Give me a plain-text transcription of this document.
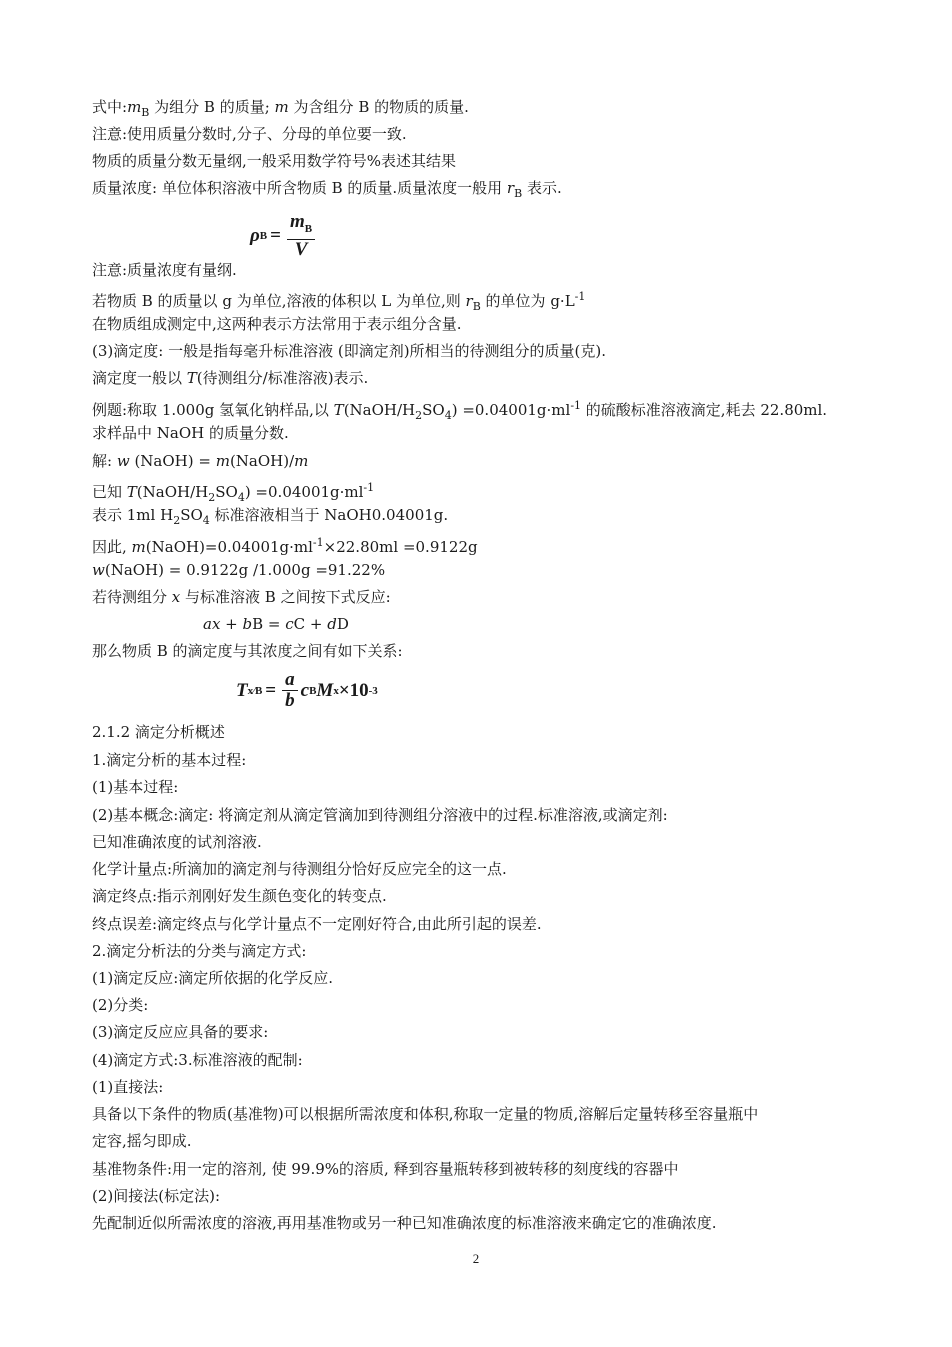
式中$:m_B$ 为组分 B 的质量; m 为含组分 B 的物质的质量.
注意:使用质量分数时,分子、分母的单位要一致.
物质的质量分数无量纲,一般采用数学符号%表述其结果
质量浓度: 单位体积溶液中所含物质 B 的质量.质量浓度一般用 $r_B$ 表示.
ρ $B = \frac{m_B}{V}$
注意:质量浓度有量纲.
若物质 B 的质量以 g 为单位,溶液的体积以 L 为单位,则 $r_B$ 的单位为 $g\cdot L^{-1}$
在物质组成测定中,这两种表示方法常用于表示组分含量.
(3)滴定度: 一般是指每毫升标准溶液 (即滴定剂)所相当的待测组分的质量(克).
滴定度一般以 T(待测组分/标准溶液)表示.
例题:称取 1.000g 氢氧化钠样品,以 $T(NaOH/H_2SO_4) =0.04001g\cdot ml^{-1}$ 的硫酸标准溶液滴定,耗去 22.80ml.
求样品中 NaOH 的质量分数.
解: w (NaOH) = m(NaOH)/m
已知 $T(NaOH/H_2SO_4) =0.04001g\cdot ml^{-1}$
表示 1ml $H_2SO_4$ 标准溶液相当于 NaOH0.04001g.
因此, $m(NaOH)=0.04001g\cdot ml^{-1}\times 22.80ml =0.9122g$
w(NaOH) = 0.9122g /1.000g =91.22%
若待测组分 x 与标准溶液 B 之间按下式反应:
ax + bB = cC + dD
那么物质 B 的滴定度与其浓度之间有如下关系:
T x⁄B = $\frac{a}{b}$ c B M x ×10 -3
2.1.2 滴定分析概述
1.滴定分析的基本过程:
(1)基本过程:
(2)基本概念:滴定: 将滴定剂从滴定管滴加到待测组分溶液中的过程.标准溶液,或滴定剂:
已知准确浓度的试剂溶液.
化学计量点:所滴加的滴定剂与待测组分恰好反应完全的这一点.
滴定终点:指示剂刚好发生颜色变化的转变点.
终点误差:滴定终点与化学计量点不一定刚好符合,由此所引起的误差.
2.滴定分析法的分类与滴定方式:
(1)滴定反应:滴定所依据的化学反应.
(2)分类:
(3)滴定反应应具备的要求:
(4)滴定方式:3.标准溶液的配制:
(1)直接法:
具备以下条件的物质(基准物)可以根据所需浓度和体积,称取一定量的物质,溶解后定量转移至容量瓶中
定容,摇匀即成.
基准物条件:用一定的溶剂, 使 99.9%的溶质, 释到容量瓶转移到被转移的刻度线的容器中
(2)间接法(标定法):
先配制近似所需浓度的溶液,再用基准物或另一种已知准确浓度的标准溶液来确定它的准确浓度.
2
